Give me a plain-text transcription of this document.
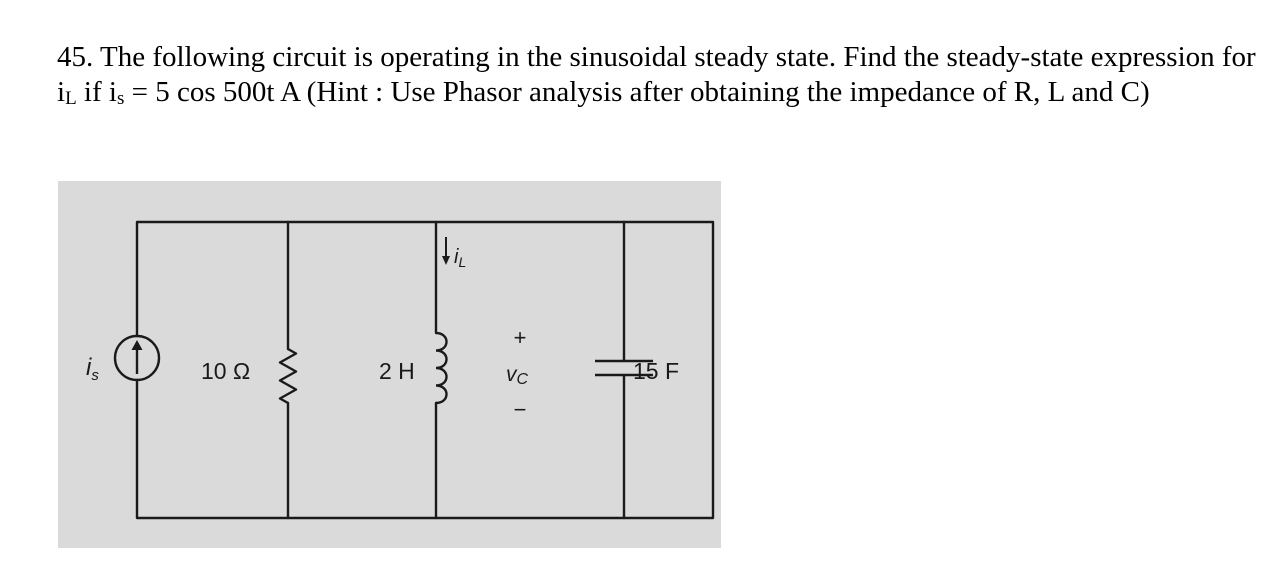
45. The following circuit is operating in the sinusoidal steady state. Find the steady-state expression for $i_L$ if $i_s = 5$ cos 500t A (Hint : Use Phasor analysis after obtaining the impedance of R, L and C)

$i_s$	10 Ω	2 H
$i_L$
+
vC
−
15 F
